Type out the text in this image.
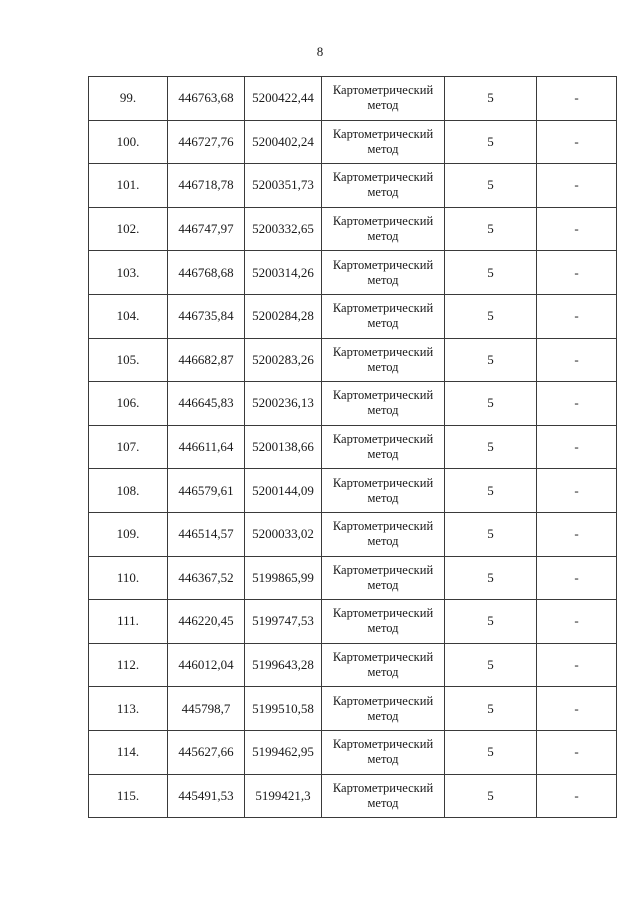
8
99.	446763,68	5200422,44	Картометрический
метод	5	-
100.	446727,76	5200402,24	Картометрический
метод	5	-
101.	446718,78	5200351,73	Картометрический
метод	5	-
102.	446747,97	5200332,65	Картометрический
метод	5	-
103.	446768,68	5200314,26	Картометрический
метод	5	-
104.	446735,84	5200284,28	Картометрический
метод	5	-
105.	446682,87	5200283,26	Картометрический
метод	5	-
106.	446645,83	5200236,13	Картометрический
метод	5	-
107.	446611,64	5200138,66	Картометрический
метод	5	-
108.	446579,61	5200144,09	Картометрический
метод	5	-
109.	446514,57	5200033,02	Картометрический
метод	5	-
110.	446367,52	5199865,99	Картометрический
метод	5	-
111.	446220,45	5199747,53	Картометрический
метод	5	-
112.	446012,04	5199643,28	Картометрический
метод	5	-
113.	445798,7	5199510,58	Картометрический
метод	5	-
114.	445627,66	5199462,95	Картометрический
метод	5	-
115.	445491,53	5199421,3	Картометрический
метод	5	-
